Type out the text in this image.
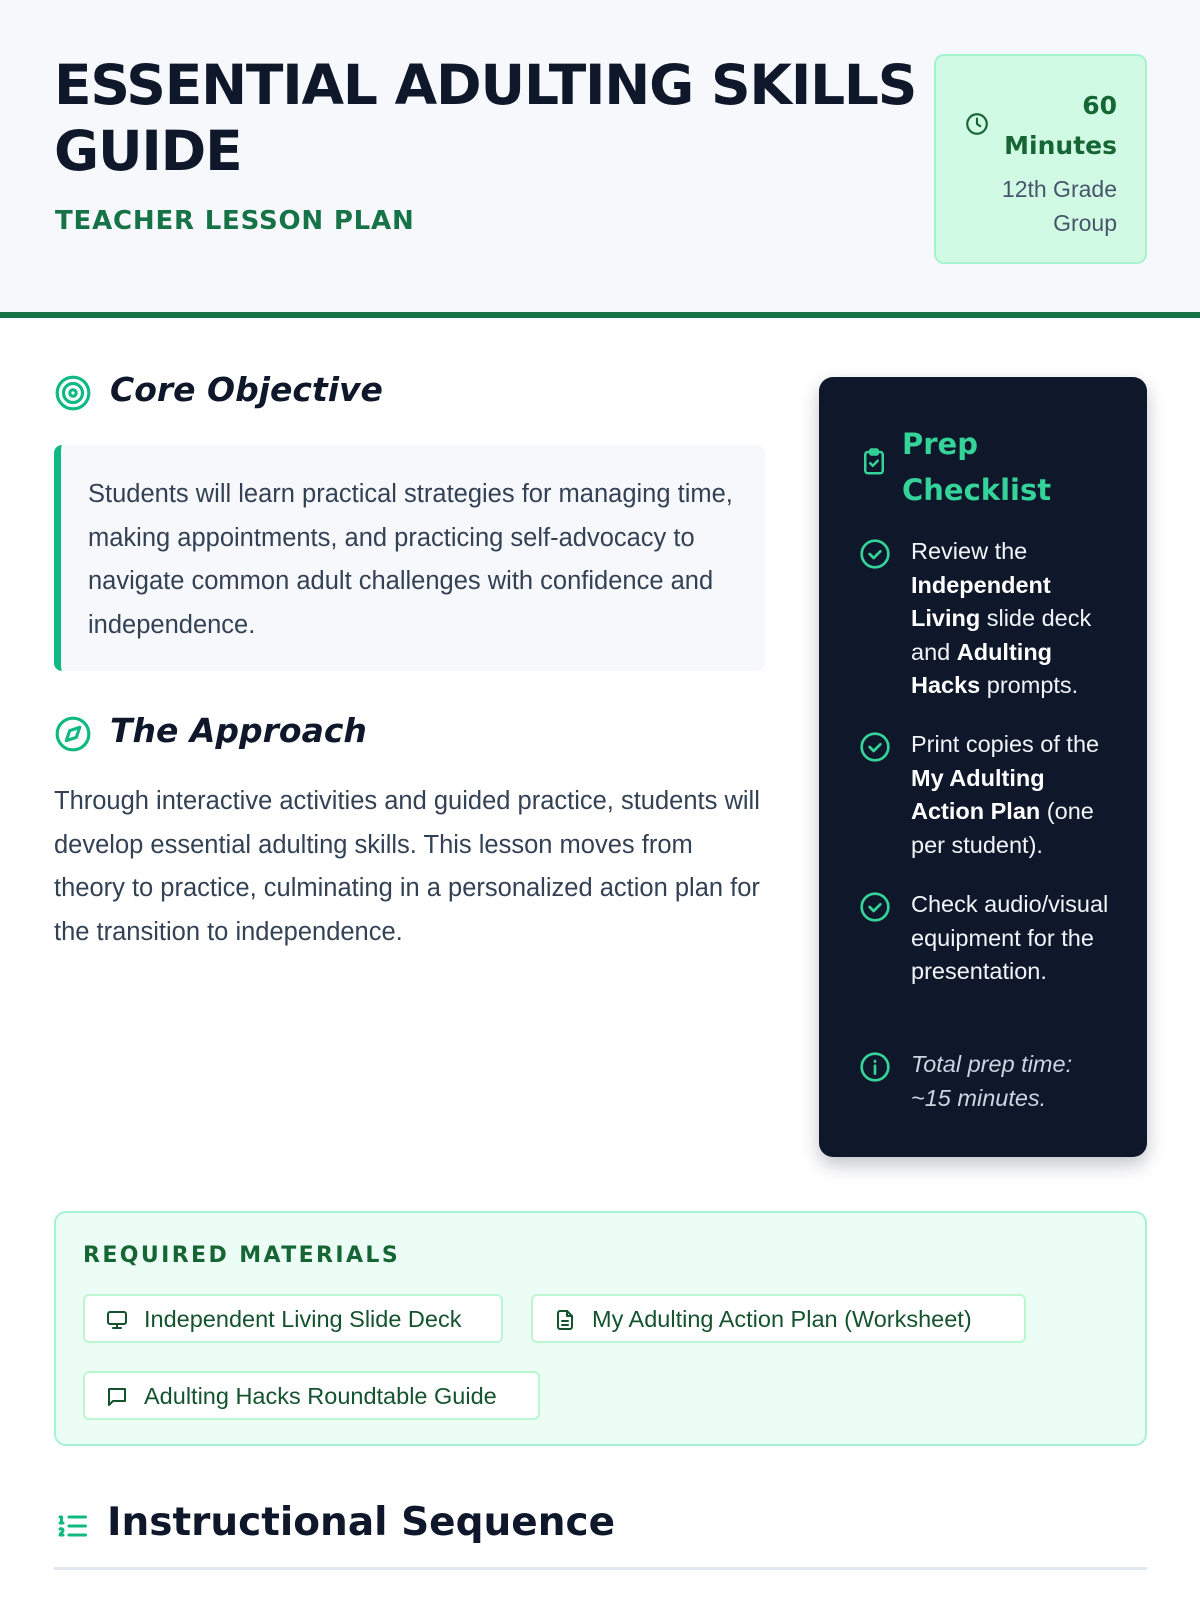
ESSENTIAL ADULTING SKILLS GUIDE
TEACHER LESSON PLAN
60 Minutes
12th Grade Group
Core Objective
Students will learn practical strategies for managing time, making appointments, and practicing self-advocacy to navigate common adult challenges with confidence and independence.
The Approach
Through interactive activities and guided practice, students will develop essential adulting skills. This lesson moves from theory to practice, culminating in a personalized action plan for the transition to independence.
Prep Checklist
Review the Independent Living slide deck and Adulting Hacks prompts.
Print copies of the My Adulting Action Plan (one per student).
Check audio/visual equipment for the presentation.
Total prep time: ~15 minutes.
REQUIRED MATERIALS
Independent Living Slide Deck	My Adulting Action Plan (Worksheet)
Adulting Hacks Roundtable Guide
Instructional Sequence
